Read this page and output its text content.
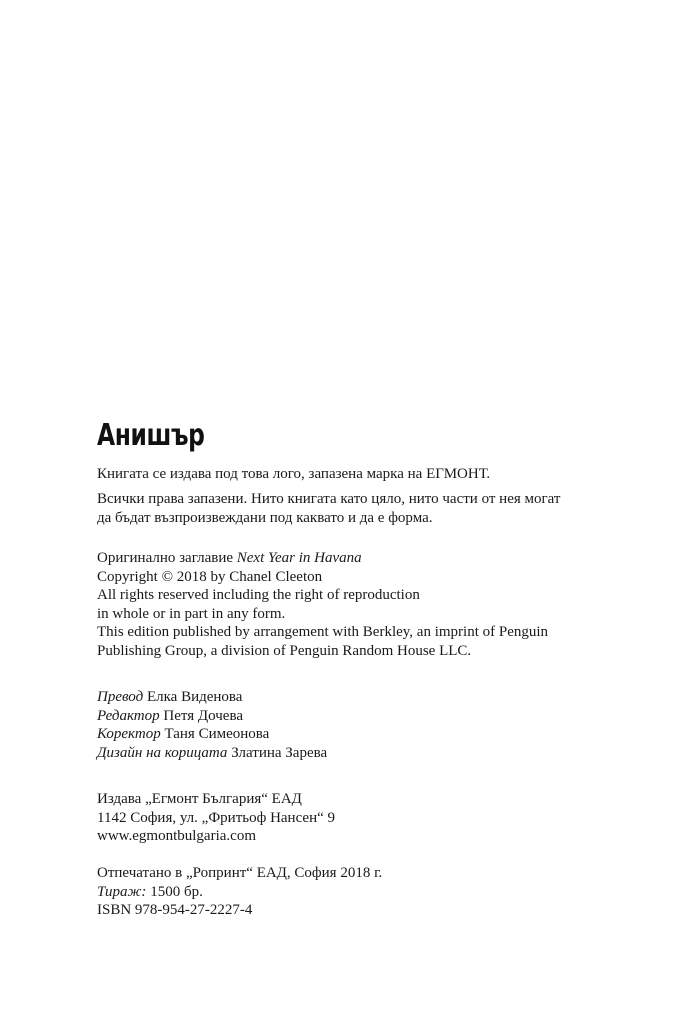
Анишър
Книгата се издава под това лого, запазена марка на ЕГМОНТ.
Всички права запазени. Нито книгата като цяло, нито части от нея могат
да бъдат възпроизвеждани под каквато и да е форма.
Оригинално заглавие Next Year in Havana
Copyright © 2018 by Chanel Cleeton
All rights reserved including the right of reproduction
in whole or in part in any form.
This edition published by arrangement with Berkley, an imprint of Penguin
Publishing Group, a division of Penguin Random House LLC.
Превод Елка Виденова
Редактор Петя Дочева
Коректор Таня Симеонова
Дизайн на корицата Златина Зарева
Издава „Егмонт България“ ЕАД
1142 София, ул. „Фритьоф Нансен“ 9
www.egmontbulgaria.com
Отпечатано в „Ропринт“ ЕАД, София 2018 г.
Тираж: 1500 бр.
ISBN 978-954-27-2227-4
